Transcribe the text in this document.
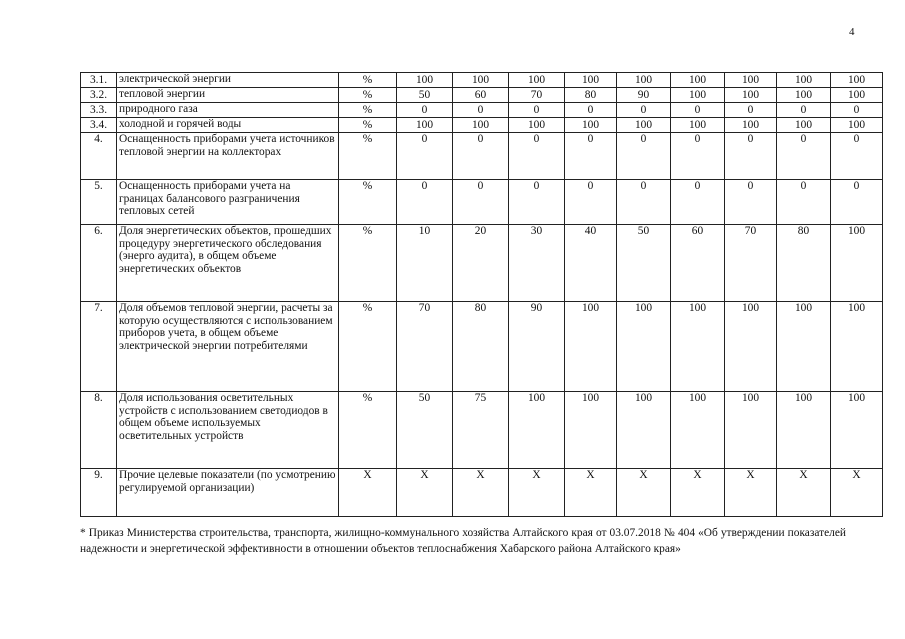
4
3.1.	электрической энергии	%	100	100	100	100	100	100	100	100	100
3.2.	тепловой энергии	%	50	60	70	80	90	100	100	100	100
3.3.	природного газа	%	0	0	0	0	0	0	0	0	0
3.4.	холодной и горячей воды	%	100	100	100	100	100	100	100	100	100
4.	Оснащенность приборами учета источников тепловой энергии на коллекторах	%	0	0	0	0	0	0	0	0	0
5.	Оснащенность приборами учета на границах балансового разграничения тепловых сетей	%	0	0	0	0	0	0	0	0	0
6.	Доля энергетических объектов, прошедших процедуру энергетического обследования (энерго аудита), в общем объеме энергетических объектов	%	10	20	30	40	50	60	70	80	100
7.	Доля объемов тепловой энергии, расчеты за которую осуществляются с использованием приборов учета, в общем объеме электрической энергии потребителями	%	70	80	90	100	100	100	100	100	100
8.	Доля использования осветительных устройств с использованием светодиодов в общем объеме используемых осветительных устройств	%	50	75	100	100	100	100	100	100	100
9.	Прочие целевые показатели (по усмотрению регулируемой организации)	Х	Х	Х	Х	Х	Х	Х	Х	Х	Х
* Приказ Министерства строительства, транспорта, жилищно-коммунального хозяйства Алтайского края от 03.07.2018 № 404 «Об утверждении показателей надежности и энергетической эффективности в отношении объектов теплоснабжения Хабарского района Алтайского края»
